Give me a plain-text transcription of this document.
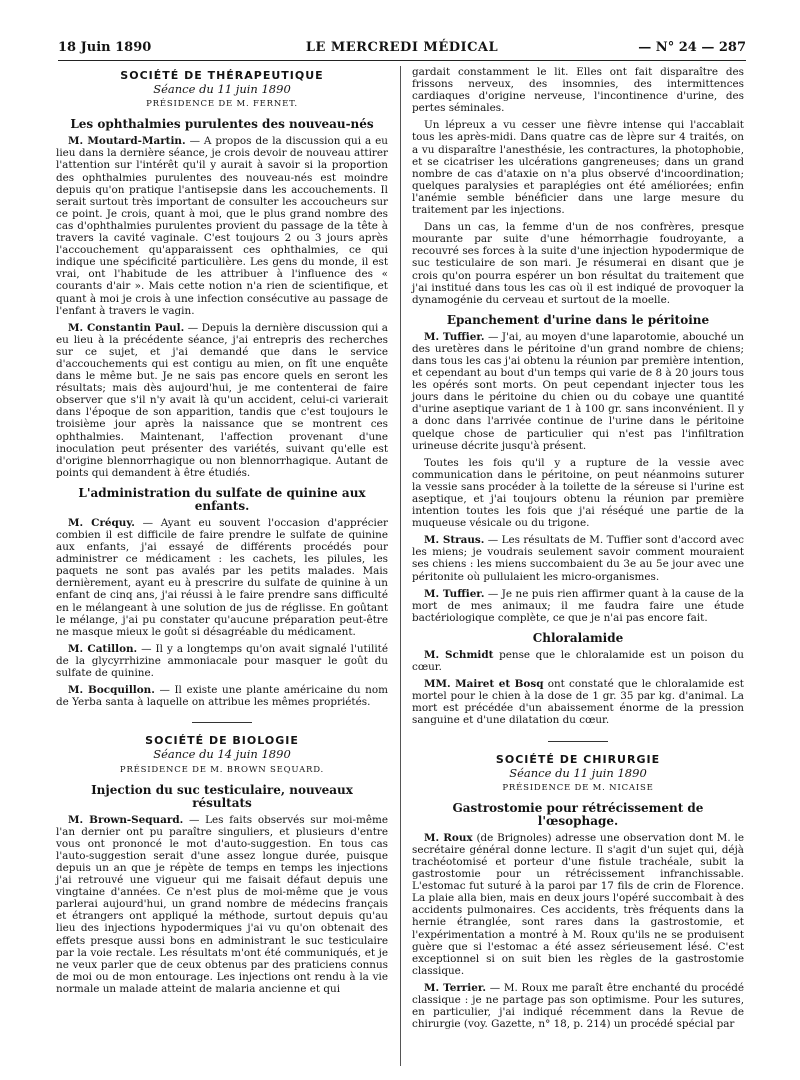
18 Juin 1890	LE MERCREDI MÉDICAL	— N° 24 — 287
SOCIÉTÉ DE THÉRAPEUTIQUE
Séance du 11 juin 1890
PRÉSIDENCE DE M. FERNET.
Les ophthalmies purulentes des nouveau-nés

M. Moutard-Martin. — A propos de la discussion qui a eu lieu dans la dernière séance, je crois devoir de nouveau attirer l'attention sur l'intérêt qu'il y aurait à savoir si la proportion des ophthalmies purulentes des nouveau-nés est moindre depuis qu'on pratique l'antisepsie dans les accouchements. Il serait surtout très important de consulter les accoucheurs sur ce point. Je crois, quant à moi, que le plus grand nombre des cas d'ophthalmies purulentes provient du passage de la tête à travers la cavité vaginale. C'est toujours 2 ou 3 jours après l'accouchement qu'apparaissent ces ophthalmies, ce qui indique une spécificité particulière. Les gens du monde, il est vrai, ont l'habitude de les attribuer à l'influence des « courants d'air ». Mais cette notion n'a rien de scientifique, et quant à moi je crois à une infection consécutive au passage de l'enfant à travers le vagin.

M. Constantin Paul. — Depuis la dernière discussion qui a eu lieu à la précédente séance, j'ai entrepris des recherches sur ce sujet, et j'ai demandé que dans le service d'accouchements qui est contigu au mien, on fît une enquête dans le même but. Je ne sais pas encore quels en seront les résultats; mais dès aujourd'hui, je me contenterai de faire observer que s'il n'y avait là qu'un accident, celui-ci varierait dans l'époque de son apparition, tandis que c'est toujours le troisième jour après la naissance que se montrent ces ophthalmies. Maintenant, l'affection provenant d'une inoculation peut présenter des variétés, suivant qu'elle est d'origine blennorrhagique ou non blennorrhagique. Autant de points qui demandent à être étudiés.

L'administration du sulfate de quinine aux enfants.

M. Créquy. — Ayant eu souvent l'occasion d'apprécier combien il est difficile de faire prendre le sulfate de quinine aux enfants, j'ai essayé de différents procédés pour administrer ce médicament : les cachets, les pilules, les paquets ne sont pas avalés par les petits malades. Mais dernièrement, ayant eu à prescrire du sulfate de quinine à un enfant de cinq ans, j'ai réussi à le faire prendre sans difficulté en le mélangeant à une solution de jus de réglisse. En goûtant le mélange, j'ai pu constater qu'aucune préparation peut-être ne masque mieux le goût si désagréable du médicament.

M. Catillon. — Il y a longtemps qu'on avait signalé l'utilité de la glycyrrhizine ammoniacale pour masquer le goût du sulfate de quinine.

M. Bocquillon. — Il existe une plante américaine du nom de Yerba santa à laquelle on attribue les mêmes propriétés.

SOCIÉTÉ DE BIOLOGIE
Séance du 14 juin 1890
PRÉSIDENCE DE M. BROWN SEQUARD.
Injection du suc testiculaire, nouveaux résultats

M. Brown-Sequard. — Les faits observés sur moi-même l'an dernier ont pu paraître singuliers, et plusieurs d'entre vous ont prononcé le mot d'auto-suggestion. En tous cas l'auto-suggestion serait d'une assez longue durée, puisque depuis un an que je répète de temps en temps les injections j'ai retrouvé une vigueur qui me faisait défaut depuis une vingtaine d'années. Ce n'est plus de moi-même que je vous parlerai aujourd'hui, un grand nombre de médecins français et étrangers ont appliqué la méthode, surtout depuis qu'au lieu des injections hypodermiques j'ai vu qu'on obtenait des effets presque aussi bons en administrant le suc testiculaire par la voie rectale. Les résultats m'ont été communiqués, et je ne veux parler que de ceux obtenus par des praticiens connus de moi ou de mon entourage. Les injections ont rendu à la vie normale un malade atteint de malaria ancienne et qui

gardait constamment le lit. Elles ont fait disparaître des frissons nerveux, des insomnies, des intermittences cardiaques d'origine nerveuse, l'incontinence d'urine, des pertes séminales.

Un lépreux a vu cesser une fièvre intense qui l'accablait tous les après-midi. Dans quatre cas de lèpre sur 4 traités, on a vu disparaître l'anesthésie, les contractures, la photophobie, et se cicatriser les ulcérations gangreneuses; dans un grand nombre de cas d'ataxie on n'a plus observé d'incoordination; quelques paralysies et paraplégies ont été améliorées; enfin l'anémie semble bénéficier dans une large mesure du traitement par les injections.

Dans un cas, la femme d'un de nos confrères, presque mourante par suite d'une hémorrhagie foudroyante, a recouvré ses forces à la suite d'une injection hypodermique de suc testiculaire de son mari. Je résumerai en disant que je crois qu'on pourra espérer un bon résultat du traitement que j'ai institué dans tous les cas où il est indiqué de provoquer la dynamogénie du cerveau et surtout de la moelle.

Epanchement d'urine dans le péritoine

M. Tuffier. — J'ai, au moyen d'une laparotomie, abouché un des uretères dans le péritoine d'un grand nombre de chiens; dans tous les cas j'ai obtenu la réunion par première intention, et cependant au bout d'un temps qui varie de 8 à 20 jours tous les opérés sont morts. On peut cependant injecter tous les jours dans le péritoine du chien ou du cobaye une quantité d'urine aseptique variant de 1 à 100 gr. sans inconvénient. Il y a donc dans l'arrivée continue de l'urine dans le péritoine quelque chose de particulier qui n'est pas l'infiltration urineuse décrite jusqu'à présent.

Toutes les fois qu'il y a rupture de la vessie avec communication dans le péritoine, on peut néanmoins suturer la vessie sans procéder à la toilette de la séreuse si l'urine est aseptique, et j'ai toujours obtenu la réunion par première intention toutes les fois que j'ai réséqué une partie de la muqueuse vésicale ou du trigone.

M. Straus. — Les résultats de M. Tuffier sont d'accord avec les miens; je voudrais seulement savoir comment mouraient ses chiens : les miens succombaient du 3e au 5e jour avec une péritonite où pullulaient les micro-organismes.

M. Tuffier. — Je ne puis rien affirmer quant à la cause de la mort de mes animaux; il me faudra faire une étude bactériologique complète, ce que je n'ai pas encore fait.

Chloralamide

M. Schmidt pense que le chloralamide est un poison du cœur.

MM. Mairet et Bosq ont constaté que le chloralamide est mortel pour le chien à la dose de 1 gr. 35 par kg. d'animal. La mort est précédée d'un abaissement énorme de la pression sanguine et d'une dilatation du cœur.

SOCIÉTÉ DE CHIRURGIE
Séance du 11 juin 1890
PRÉSIDENCE DE M. NICAISE
Gastrostomie pour rétrécissement de l'œsophage.

M. Roux (de Brignoles) adresse une observation dont M. le secrétaire général donne lecture. Il s'agit d'un sujet qui, déjà trachéotomisé et porteur d'une fistule trachéale, subit la gastrostomie pour un rétrécissement infranchissable. L'estomac fut suturé à la paroi par 17 fils de crin de Florence. La plaie alla bien, mais en deux jours l'opéré succombait à des accidents pulmonaires. Ces accidents, très fréquents dans la hernie étranglée, sont rares dans la gastrostomie, et l'expérimentation a montré à M. Roux qu'ils ne se produisent guère que si l'estomac a été assez sérieusement lésé. C'est exceptionnel si on suit bien les règles de la gastrostomie classique.

M. Terrier. — M. Roux me paraît être enchanté du procédé classique : je ne partage pas son optimisme. Pour les sutures, en particulier, j'ai indiqué récemment dans la Revue de chirurgie (voy. Gazette, n° 18, p. 214) un procédé spécial par
